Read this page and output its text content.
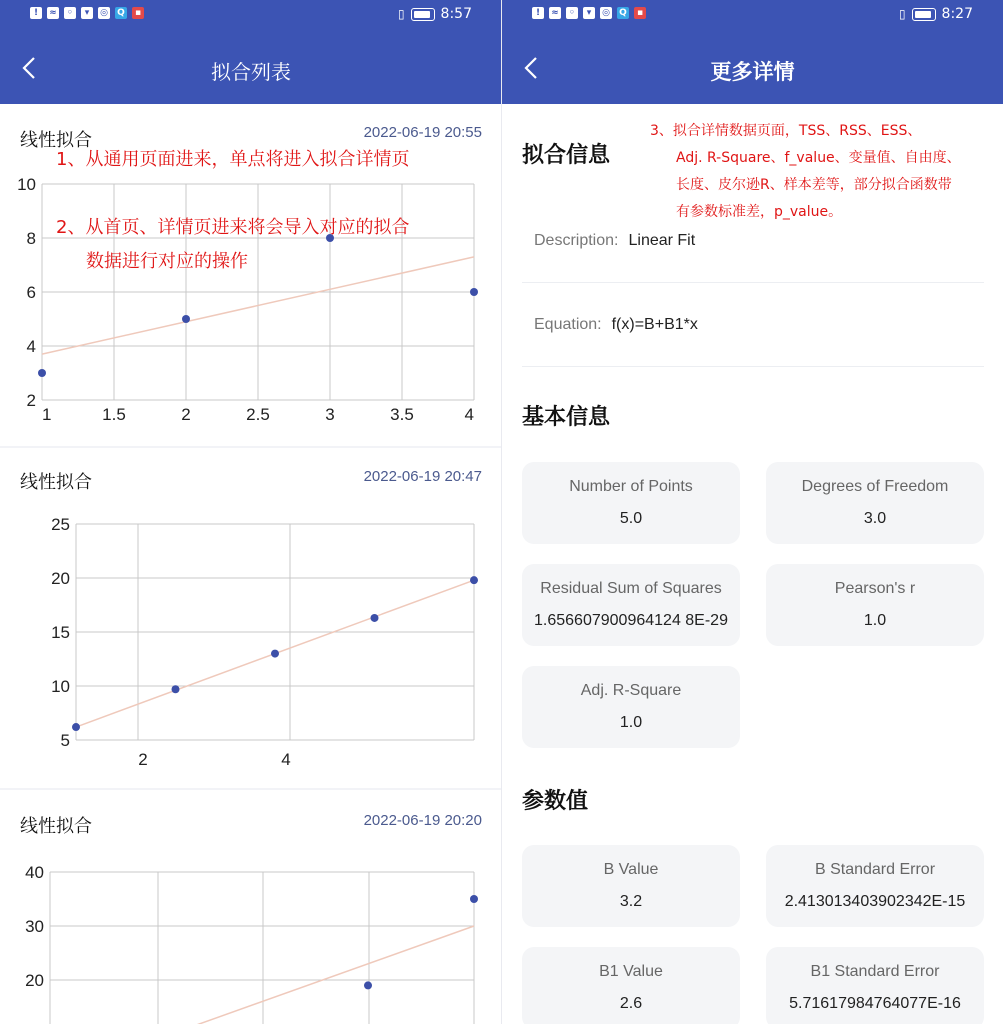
!	≈	◦	▾	◎ Q	▪	▯	8:57
拟合列表
线性拟合	2022-06-19 20:55
2
4
6
8
10
1	1.5	2	2.5	3	3.5	4
1、从通用页面进来，单点将进入拟合详情页
2、从首页、详情页进来将会导入对应的拟合
数据进行对应的操作
线性拟合	2022-06-19 20:47
5
10
15
20
25
2	4
线性拟合	2022-06-19 20:20
20
30
40
!	≈	◦	▾	◎ Q	▪	▯	8:27
更多详情
拟合信息
3、拟合详情数据页面，TSS、RSS、ESS、
Adj. R-Square、f_value、变量值、自由度、
长度、皮尔逊R、样本差等，部分拟合函数带
有参数标准差，p_value。
Description: Linear Fit
Equation: f(x)=B+B1*x
基本信息
Number of Points
5.0
Degrees of Freedom
3.0
Residual Sum of Squares
1.656607900964124 8E-29
Pearson's r
1.0
Adj. R-Square
1.0
参数值
B Value
3.2
B Standard Error
2.413013403902342E-15
B1 Value
2.6
B1 Standard Error
5.71617984764077E-16
